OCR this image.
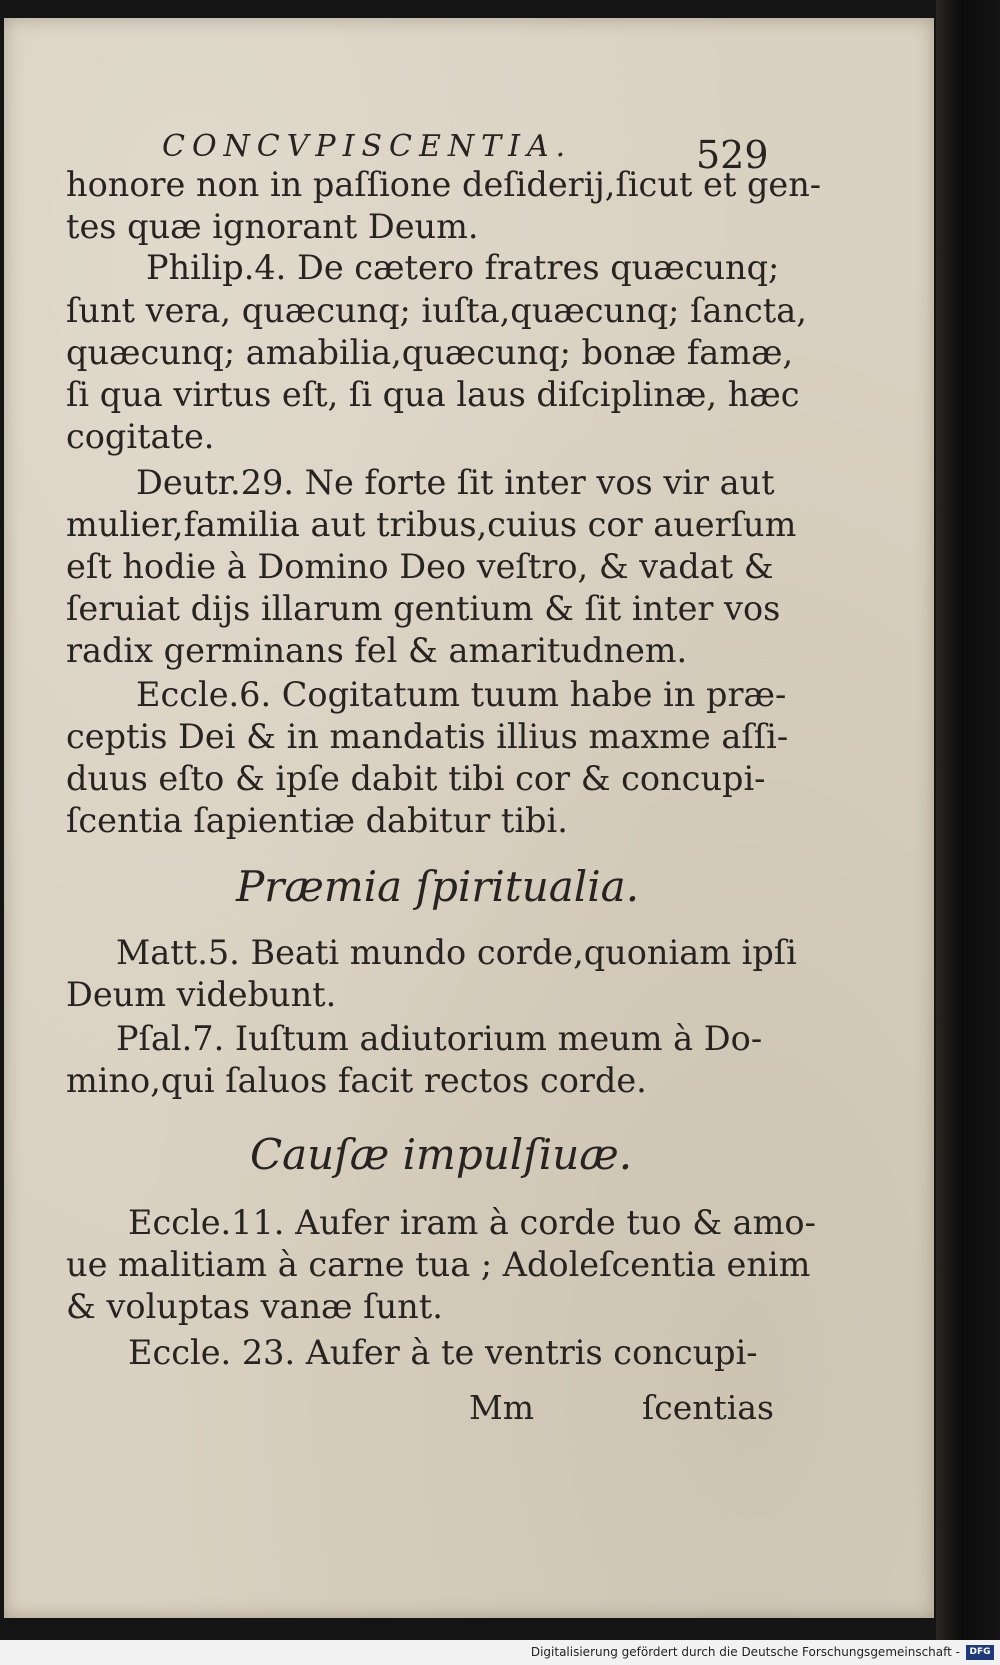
CONCVPISCENTIA.	529
honore non in paſſione deſiderij,ſicut et gen-
tes quæ ignorant Deum.
Philip.4. De cætero fratres quæcunq;
ſunt vera, quæcunq; iuſta,quæcunq; ſancta,
quæcunq; amabilia,quæcunq; bonæ famæ,
ſi qua virtus eſt, ſi qua laus diſciplinæ, hæc
cogitate.
Deutr.29. Ne forte ſit inter vos vir aut
mulier,familia aut tribus,cuius cor auerſum
eſt hodie à Domino Deo veſtro, & vadat &
ſeruiat dijs illarum gentium & ſit inter vos
radix germinans fel & amaritudnem.
Eccle.6. Cogitatum tuum habe in præ-
ceptis Dei & in mandatis illius maxme aſſi-
duus eſto & ipſe dabit tibi cor & concupi-
ſcentia ſapientiæ dabitur tibi.
Præmia ſpiritualia.
Matt.5. Beati mundo corde,quoniam ipſi
Deum videbunt.
Pſal.7. Iuſtum adiutorium meum à Do-
mino,qui ſaluos facit rectos corde.
Cauſæ impulſiuæ.
Eccle.11. Aufer iram à corde tuo & amo-
ue malitiam à carne tua ; Adoleſcentia enim
& voluptas vanæ ſunt.
Eccle. 23. Aufer à te ventris concupi-
Mm	ſcentias
Digitalisierung gefördert durch die Deutsche Forschungsgemeinschaft -	DFG
